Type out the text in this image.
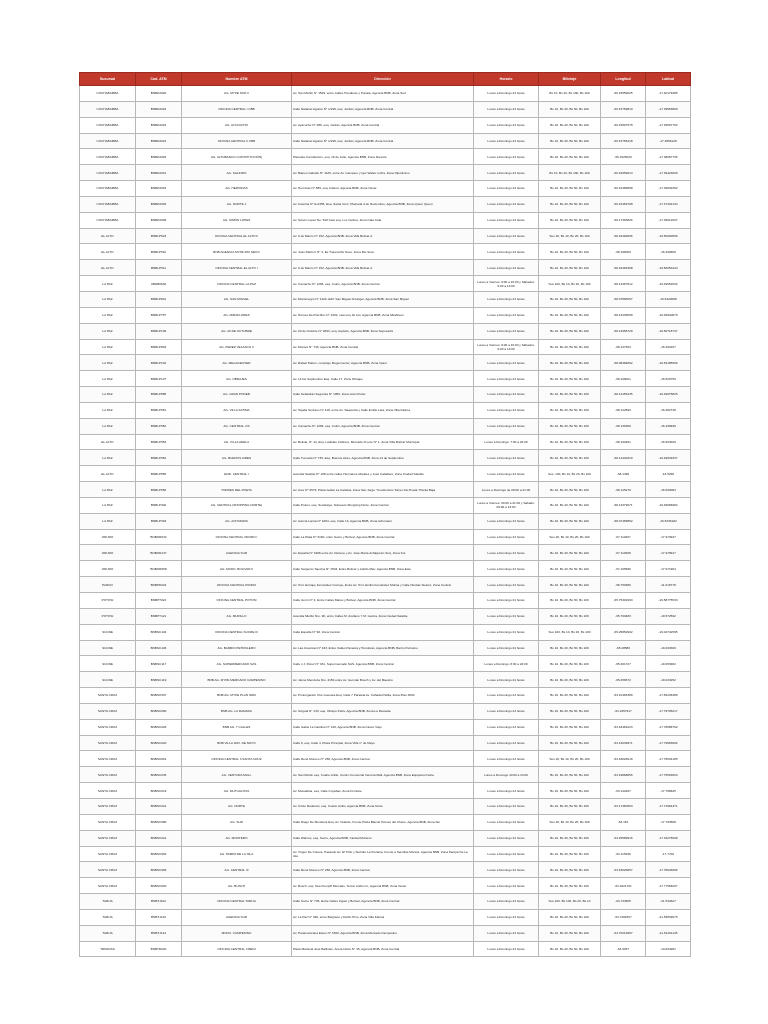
Sucursal	Cod. ATM	Nombre ATM	Dirección	Horario	Billetaje	Longitud	Latitud
COCHABAMBA	BNBD2020	AG. MYPE SUD II	Av. San Martin N° 1529, entre Calles Honduras y Punata, Agencia BNB, Zona Sud	Lunes a Domingo 24 horas	Bs 10, Bs 20, Bs 100, Bs 100	-66.15559625	-17.40179485
COCHABAMBA	BNBD2022	OFICINA CENTRAL I CBB	Calle Nataniel Aguirre N° s/198, esq. Jordán, Agencia BNB, Zona Central	Lunes a Domingo 24 horas	Bs 10, Bs 20, Bs 50, Bs 100	-66.15759810	-17.39563890
COCHABAMBA	BNBD2023	AG. AYACUCHO	Av. Ayacucho N° 289, esq. Jordán, Agencia BNB, Zona Central	Lunes a Domingo 24 horas	Bs 10, Bs 20, Bs 50, Bs 100	-66.15807578	-17.39507762
COCHABAMBA	BNBD2024	OFICINA CENTRAL II CBB	Calle Nataniel Aguirre N° s/198, esq. Jordán, Agencia BNB, Zona Central	Lunes a Domingo 24 horas	Bs 10, Bs 20, Bs 50, Bs 100	-66.15755418	-17.3956128
COCHABAMBA	BNBD2026	AG. ALTOBANCO (CONSTITUCIÓN)	Plazuela Constitución, esq. 16 de Julio, Agencia BNB, Zona Noreste	Lunes a Domingo 24 horas	Bs 10, Bs 20, Bs 50, Bs 100	-66.1525029	-17.38687736
COCHABAMBA	BNBD2031	AG. SALINDO	Av. Blanco Galindo N° 1125, entre Av. Campero y Igor Walter rocha, Zona Hipódromo	Lunes a Domingo 24 horas	Bs 10, Bs 20, Bs 100, Bs 100	-66.16959014	-17.39423090
COCHABAMBA	BNBD2033	AG. HEROINAS	Av. Heroínas N° 589, esq. Falsuri, Agencia BNB, Zona Oeste	Lunes a Domingo 24 horas	Bs 10, Bs 20, Bs 50, Bs 100	-66.16389898	-17.39539362
COCHABAMBA	BNBD2036	AG. NORTE 1	Av. America N° E-0455, Esq. Santa Cruz, Plazuela 4 de Noviembre, Agencia BNB, Zona Queru Queru	Lunes a Domingo 24 horas	Bs 10, Bs 20, Bs 50, Bs 100	-66.15469708	-17.37432134
COCHABAMBA	BNBD2038	AG. SIMÓN LOPEZ	Av. Simón Lopez No. 540 Casi esq. Los Ceibos, Zona Cala Cala	Lunes a Domingo 24 horas	Bs 10, Bs 20, Bs 50, Bs 100	-66.17393826	-17.36612007
EL ALTO	BNBLP523	OFICINA CENTRAL EL ALTO II	Av. 6 de Marzo N° 152, Agencia BNB, Zona Villa Bolivar A	Lunes a Domingo 24 horas	Sus 20, Bs 10, Bs 20, Bs 100	-68.16482806	-16.50690596
EL ALTO	BNBLP510	BNB AGENCIA MYPE RIO SECO	Av. Juan Pablo II N° 4, Ex Tranca Rio Seco, Zona Rio Seco	Lunes a Domingo 24 horas	Bs 10, Bs 20, Bs 50, Bs 100	-68.196009	-16.490606
EL ALTO	BNBLP511	OFICINA CENTRAL EL ALTO I	Av. 6 de Marzo N° 152, Agencia BNB, Zona Villa Bolivar A	Lunes a Domingo 24 horas	Bs 10, Bs 20, Bs 50, Bs 100	-68.16483308	-16.50653444
LA PAZ	ABNB0632	OFICINA CENTRAL LA PAZ	Av. Camacho N° 1296, esq. Colón, Agencia BNB, Zona Central	Lunes a Viernes: 9:00 a 16:00 y Sábados: 9:00 a 13:00	Sus 100, Bs 10, Bs 20, Bs 100	-68.13367612	-16.49952632
LA PAZ	BNBLP801	AG. SAN MIGUEL	Av. Montenegro N° 1420, Edif. San Miguel Arcángel, Agencia BNB, Zona San Miguel	Lunes a Domingo 24 horas	Bs 10, Bs 20, Bs 50, Bs 100	-68.07883057	-16.5420088
LA PAZ	BNBLP757	AG. MIRAFLORES	Av. Héroes Del Pacífico N° 1304, casi esq. El Lisi, Agencia BNB, Zona Miraflores	Lunes a Domingo 24 horas	Bs 10, Bs 20, Bs 50, Bs 100	-68.12235008	-16.49540879
LA PAZ	BNBLP109	AG. 20 DE OCTUBRE	Av. 20 de Octubre N° 2093, esq. Aspiazu, Agencia BNB, Zona Sopocachi	Lunes a Domingo 24 horas	Bs 10, Bs 20, Bs 50, Bs 100	-68.12958729	-16.50718737
LA PAZ	BNBLP803	AG. PEREZ VELASCO II	Av. Montes N° 746, Agencia BNB, Zona Central	Lunes a Viernes: 9:00 a 16:00 y Sábados: 9:00 a 13:00	Bs 10, Bs 20, Bs 50, Bs 100	-68.137303	-16.493167
LA PAZ	BNBLP102	AG. MEGACENTER	Av. Rafael Pabon, complejo Mega Center, Agencia BNB, Zona Irpavi	Lunes a Domingo 24 horas	Bs 10, Bs 20, Bs 50, Bs 100	-68.08484862	-16.54185066
LA PAZ	BNBLP107	AG. OBRAJES	Av. 14 De Septiembre Esq. Calle 17, Zona Obrajes	Lunes a Domingo 24 horas	Bs 10, Bs 20, Bs 50, Bs 100	-68.108021	-16.529759
LA PAZ	BNBLP885	AG. GRAN PODER	Calle Sebastián Segurola N° 1050, Zona Gran Poder	Lunes a Domingo 24 horas	Bs 10, Bs 20, Bs 50, Bs 100	-68.14156435	-16.49975825
LA PAZ	BNBLP951	AG. VILLA FATIMA	Av. Tejada Sorzano N° 418, entre Av. Saavedra y Calle Emilio Lara, Zona Villa Fátima	Lunes a Domingo 24 horas	Bs 10, Bs 20, Bs 50, Bs 100	-68.122593	-16.482748
LA PAZ	BNBLP952	AG. CENTRAL VIII	Av. Camacho N° 1296, esq. Colón, Agencia BNB, Zona Central	Lunes a Domingo 24 horas	Bs 10, Bs 20, Bs 50, Bs 100	-68.136306	-16.498939
EL ALTO	BNBLP953	AG. VILLA ADELA	Av. Bolivia, N° 14, Esq. Ladislao Cabrera, Mercado D Lote N° 1, Zona Villa Bolivar Municipal	Lunes a Domingo: 7:00 a 22:00	Bs 10, Bs 20, Bs 50, Bs 100	-68.190291	-16.503029
LA PAZ	BNBLP954	AG. BUENOS AIRES	Calle Tumusla N° 735, Esq. Buenos Aires, Agencia BNB, Zona 14 de Septiembre	Lunes a Domingo 24 horas	Bs 10, Bs 20, Bs 50, Bs 100	-68.14440319	-16.49549337
EL ALTO	BNBLP855	EDIF. CENTRAL I	Avenida Satélite N° 108 entre calles Hermanos Morales y José Caballero, Zona Ciudad Satélite	Lunes a Domingo 24 horas	Sus. 100, Bs 10, Bs 20, Bs 100	-68.1496	-16.5266
LA PAZ	BNBLP956	TORRES DEL POETA	Av. Arce N° 2579, Plaza Isabel La Católica, Zona San Jorge "Condominio Torres Del Poeta" Planta Baja	Lunes a Domingo de 09:00 a 21:00	Bs 10, Bs 20, Bs 50, Bs 100	-68.125279	-16.509083
LA PAZ	BNBLP302	AG. CENTRAL (SHOPPING NORTE)	Calle Potosí, esq. Socabaya, Subsuelo Shopping Norte, Zona Central	Lunes a Viernes: 09:00 a 21:00 y Sábado: 09:00 a 13:00	Bs 10, Bs 20, Bs 50, Bs 100	-68.13379071	-16.49696984
LA PAZ	BNBLP303	AG. ACHUMANI	Av. García Lanza N° 1664, esq. Calle 13, Agencia BNB, Zona Achumani	Lunes a Domingo 24 horas	Bs 10, Bs 20, Bs 50, Bs 100	-68.07465852	-16.5336182
ORURO	BNBOR032	OFICINA CENTRAL ORURO I	Calle La Plata N° 6160, entre Sucre y Bolívar, Agencia BNB, Zona Central	Lunes a Domingo 24 horas	Sus 20, Bs 10, Bs 20, Bs 100	-67.110467	-17.970947
ORURO	BNBOR137	AGENCIA SUR	Av. España N° 1908 entre Av. Dehene y Av. José María Achá(petro Sur), Zona Sur	Lunes a Domingo 24 horas	Bs 10, Bs 20, Bs 50, Bs 100	-67.110368	-17.978917
ORURO	BNBOR658	AG. MCDO. BOLIVAR II	Calle Sargento Tejerina N° 1503, Entre Bolivar y Adolfo Mier, Agencia BNB, Zona Este	Lunes a Domingo 24 horas	Bs 10, Bs 20, Bs 50, Bs 100	-67.105596	-17.971904
PANDO	BNBPD024	OFICINA CENTRAL PANDO	Av. Tcnl. Enrique Fernández Cornejo, Entre Av. Tcnl. Emilio Fernández Molina y Calle Nicolás Suárez, Zona Central	Lunes a Domingo 24 horas	Bs 10, Bs 20, Bs 50, Bs 100	-68.750386	-11.018778
POTOSI	BNBPT024	OFICINA CENTRAL POTOSI	Calle Junín N° 4, Entre Calles Matos y Bolivar, Agencia BNB, Zona Central	Lunes a Domingo 24 horas	Bs 10, Bs 20, Bs 50, Bs 100	-65.75301963	-19.58775533
POTOSI	BNBPT121	AG. MURILLO	Avenida Murillo Nro. 90, entre Calles M. Arellano Y M. García, Zona Ciudad Satélite	Lunes a Domingo 24 horas	Bs 10, Bs 20, Bs 50, Bs 100	-65.760483	-19.572592
SUCRE	BNBSC104	OFICINA CENTRAL SUCRE III	Calle España N° 90, Zona Central	Lunes a Domingo 24 horas	Sus 100, Bs 10, Bs 20, Bs 100	-65.25852902	-19.04742595
SUCRE	BNBSC106	AG. BARRIO PETROLERO	Av. Las Americas N° 433, Entre Calles Panamá y Honduras, Agencia BNB, Barrio Petrolero	Lunes a Domingo 24 horas	Bs 10, Bs 20, Bs 50, Bs 100	-65.28586	-19.033309
SUCRE	BNBSC117	AG. SUPERMERCADO SAS	Calle J.J. Pérez N° 331, Supermercado SAS, Agencia BNB, Zona Central	Lunes a Domingo: 8:00 a 22:00	Bs 10, Bs 20, Bs 50, Bs 100	-65.261727	-19.053902
SUCRE	BNBSC119	BNB AG. MYPE MERCADO CAMPESINO	Av. Jaime Mendoza Nro. 2150 entre Av. Germán Busch y Av. del Maestro	Lunes a Domingo 24 horas	Bs 10, Bs 20, Bs 50, Bs 100	-65.258372	-19.033252
SANTA CRUZ	BNBSC507	BNB AG. MYPE PLAN 3000	Av. Prolongación Che Guevara Esq. Calle 7 Paralela Av. Cañada Pailita, Zona Plan 3000	Lunes a Domingo 24 horas	Bs 10, Bs 20, Bs 50, Bs 100	-63.10465389	-17.82236389
SANTA CRUZ	BNBSC080	BNB AG. LA RAMADA	Av. Grigotá N° 133, esq. Obispo Peña, Agencia BNB, Zona La Ramada	Lunes a Domingo 24 horas	Bs 10, Bs 20, Bs 50, Bs 100	-63.1957917	-17.79795217
SANTA CRUZ	BNBSC026	BNB AG. 7 CALLES	Calle Isabel La Católica N° 149, Agencia BNB, Zona Casco Viejo	Lunes a Domingo 24 horas	Bs 10, Bs 20, Bs 50, Bs 100	-63.18462223	-17.78688792
SANTA CRUZ	BNBSC020	BNB VILLA 1RO. DE MAYO	Calle 6, esq. Calle 4, Plaza Principal, Zona Villa 1° de Mayo	Lunes a Domingo 24 horas	Bs 10, Bs 20, Bs 50, Bs 100	-63.12039971	-17.79683082
SANTA CRUZ	BNBSC801	OFICINA CENTRAL II SANTA CRUZ	Calle René Moreno N° 258, Agencia BNB, Zona Central	Lunes a Domingo 24 horas	Sus 20, Bs 10, Bs 20, Bs 100	-63.18026618	-17.78634185
SANTA CRUZ	BNBSC045	AG. VENTURA MALL	Av. San Martín esq. Cuarto Anillo, Centro Comercial Ventura Mall, Agencia BNB, Zona Equipetrol Norte	Lunes a Domingo 10:00 a 23:00	Bs 10, Bs 20, Bs 50, Bs 100	-63.19868856	-17.75503003
SANTA CRUZ	BNBSC019	AG. MUTUALISTA	Av. Mutualista, esq. Calle Cuyabas, Zona Fin Este	Lunes a Domingo 24 horas	Bs 10, Bs 20, Bs 50, Bs 100	-63.142267	-17.768625
SANTA CRUZ	BNBSC021	AG. NORTE	Av. Cristo Redentor, esq. Cuarto Anillo, Agencia BNB, Zona Norte	Lunes a Domingo 24 horas	Bs 10, Bs 20, Bs 50, Bs 100	-63.17460963	-17.74964371
SANTA CRUZ	BNBSC980	AG. SUR	Calle Diego De Mendoza Esq. Av. Velarde, Frente Plaza Blacutt Héroes del Chaco, Agencia BNB, Zona Sur	Lunes a Domingo 24 horas	Sus 20, Bs 10, Bs 20, Bs 100	-63.181	-17.793508
SANTA CRUZ	BNBSC021	AG. MONTERO	Calle Warnes, esq. Sucre, Agencia BNB, Ciudad Montero	Lunes a Domingo 24 horas	Bs 10, Bs 20, Bs 50, Bs 100	-63.25589916	-17.34275099
SANTA CRUZ	BNBSC962	AG. PAMPA DE LA ISLA	Av. Virgen De Cotoca, Pasando Av. El Trillo y Surtidor La Poziana, Frente a Semillas Mónica, Agencia BNB, Zona Pampa De La Isla	Lunes a Domingo 24 horas	Bs 10, Bs 20, Bs 50, Bs 100	-63.115496	-17.7702
SANTA CRUZ	BNBSC965	AG. CENTRAL III	Calle René Moreno N° 258, Agencia BNB, Zona Central	Lunes a Domingo 24 horas	Bs 10, Bs 20, Bs 50, Bs 100	-63.18026857	-17.78646666
SANTA CRUZ	BNBSC820	AG. BUSCH	Av. Busch, esq. Noel Kempff Mercado, Tercer Anillo int., Agencia BNB, Zona Oeste	Lunes a Domingo 24 horas	Bs 10, Bs 20, Bs 50, Bs 100	-63.1821761	-17.77568297
TARIJA	BNBTJ102	OFICINA CENTRAL TARIJA	Calle Sucre N° 735, Entre Calles Ingavi y Bolívar, Agencia BNB, Zona Central	Lunes a Domingo 24 horas	Sus 100, Bs 100, Bs 20, Bs 10	-64.734505	-21.532627
TARIJA	BNBTJ120	AGENCIA SUR	Av. La Paz N° 466, entre Belgrano y Delfín Pino, Zona Villa Fátima	Lunes a Domingo 24 horas	Bs 10, Bs 20, Bs 50, Bs 100	-64.7282307	-21.53839076
TARIJA	BNBTJ124	MCDO. CAMPESINO	Av. Panamericana Esteo N° 1560, Agencia BNB, Zona Mercado Campesino	Lunes a Domingo 24 horas	Bs 10, Bs 20, Bs 50, Bs 100	-64.70212897	-21.52191145
TRINIDAD	BNBTD020	OFICINA CENTRAL II BENI	Plaza Mariscal José Ballivian, Acera Norte N° 46, Agencia BNB, Zona Central	Lunes a Domingo 24 horas	Bs 10, Bs 20, Bs 50, Bs 100	-64.9037	-14.833281
